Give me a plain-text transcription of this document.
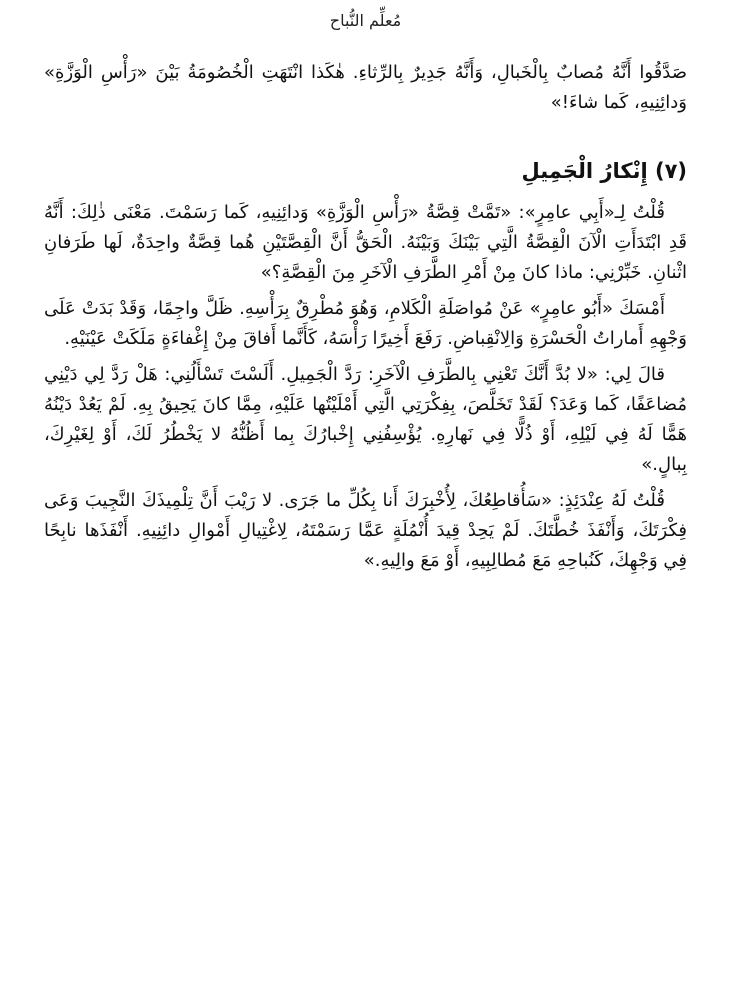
مُعلِّم النُّباح

صَدَّقُوا أَنَّهُ مُصابٌ بِالْخَبالِ، وَأَنَّهُ جَدِيرٌ بِالرِّثاءِ. هٰكَذا انْتَهَتِ الْخُصُومَةُ بَيْنَ «رَأْسِ الْوَزَّةِ» وَدائِنِيهِ، كَما شاءَ!»

(٧) إِنْكارُ الْجَمِيلِ

قُلْتُ لِـ«أَبِي عامِرٍ»: «تَمَّتْ قِصَّةُ «رَأْسِ الْوَزَّةِ» وَدائِنِيهِ، كَما رَسَمْتَ. مَعْنَى ذٰلِكَ: أَنَّهُ قَدِ ابْتَدَأَتِ الْآنَ الْقِصَّةُ الَّتِي بَيْنَكَ وَبَيْنَهُ. الْحَقُّ أَنَّ الْقِصَّتَيْنِ هُما قِصَّةٌ واحِدَةٌ، لَها طَرَفانِ اثْنانِ. خَبِّرْنِي: ماذا كانَ مِنْ أَمْرِ الطَّرَفِ الْآخَرِ مِنَ الْقِصَّةِ؟»

أَمْسَكَ «أَبُو عامِرٍ» عَنْ مُواصَلَةِ الْكَلامِ، وَهُوَ مُطْرِقٌ بِرَأْسِهِ. ظَلَّ واجِمًا، وَقَدْ بَدَتْ عَلَى وَجْهِهِ أَماراتُ الْحَسْرَةِ وَالِانْقِباضِ. رَفَعَ أَخِيرًا رَأْسَهُ، كَأَنَّما أَفاقَ مِنْ إِغْفاءَةٍ مَلَكَتْ عَيْنَيْهِ.

قالَ لِي: «لا بُدَّ أَنَّكَ تَعْنِي بِالطَّرَفِ الْآخَرِ: رَدَّ الْجَمِيلِ. أَلَسْتَ تَسْأَلُنِي: هَلْ رَدَّ لِي دَيْنِي مُضاعَفًا، كَما وَعَدَ؟ لَقَدْ تَخَلَّصَ، بِفِكْرَتِي الَّتِي أَمْلَيْتُها عَلَيْهِ، مِمَّا كانَ يَحِيقُ بِهِ. لَمْ يَعُدْ دَيْنُهُ هَمًّا لَهُ فِي لَيْلِهِ، أَوْ ذُلًّا فِي نَهارِهِ. يُؤْسِفُنِي إِخْبارُكَ بِما أَظُنُّهُ لا يَخْطُرُ لَكَ، أَوْ لِغَيْرِكَ، بِبالٍ.»

قُلْتُ لَهُ عِنْدَئِذٍ: «سَأُقاطِعُكَ، لِأُخْبِرَكَ أَنا بِكُلِّ ما جَرَى. لا رَيْبَ أَنَّ تِلْمِيذَكَ النَّجِيبَ وَعَى فِكْرَتَكَ، وَأَنْفَذَ خُطَّتَكَ. لَمْ يَحِدْ قِيدَ أُنْمُلَةٍ عَمَّا رَسَمْتَهُ، لِاغْتِيالِ أَمْوالِ دائِنِيهِ. أَنْفَذَها نابِحًا فِي وَجْهِكَ، كَنُباحِهِ مَعَ مُطالِبِيهِ، أَوْ مَعَ والِيهِ.»
